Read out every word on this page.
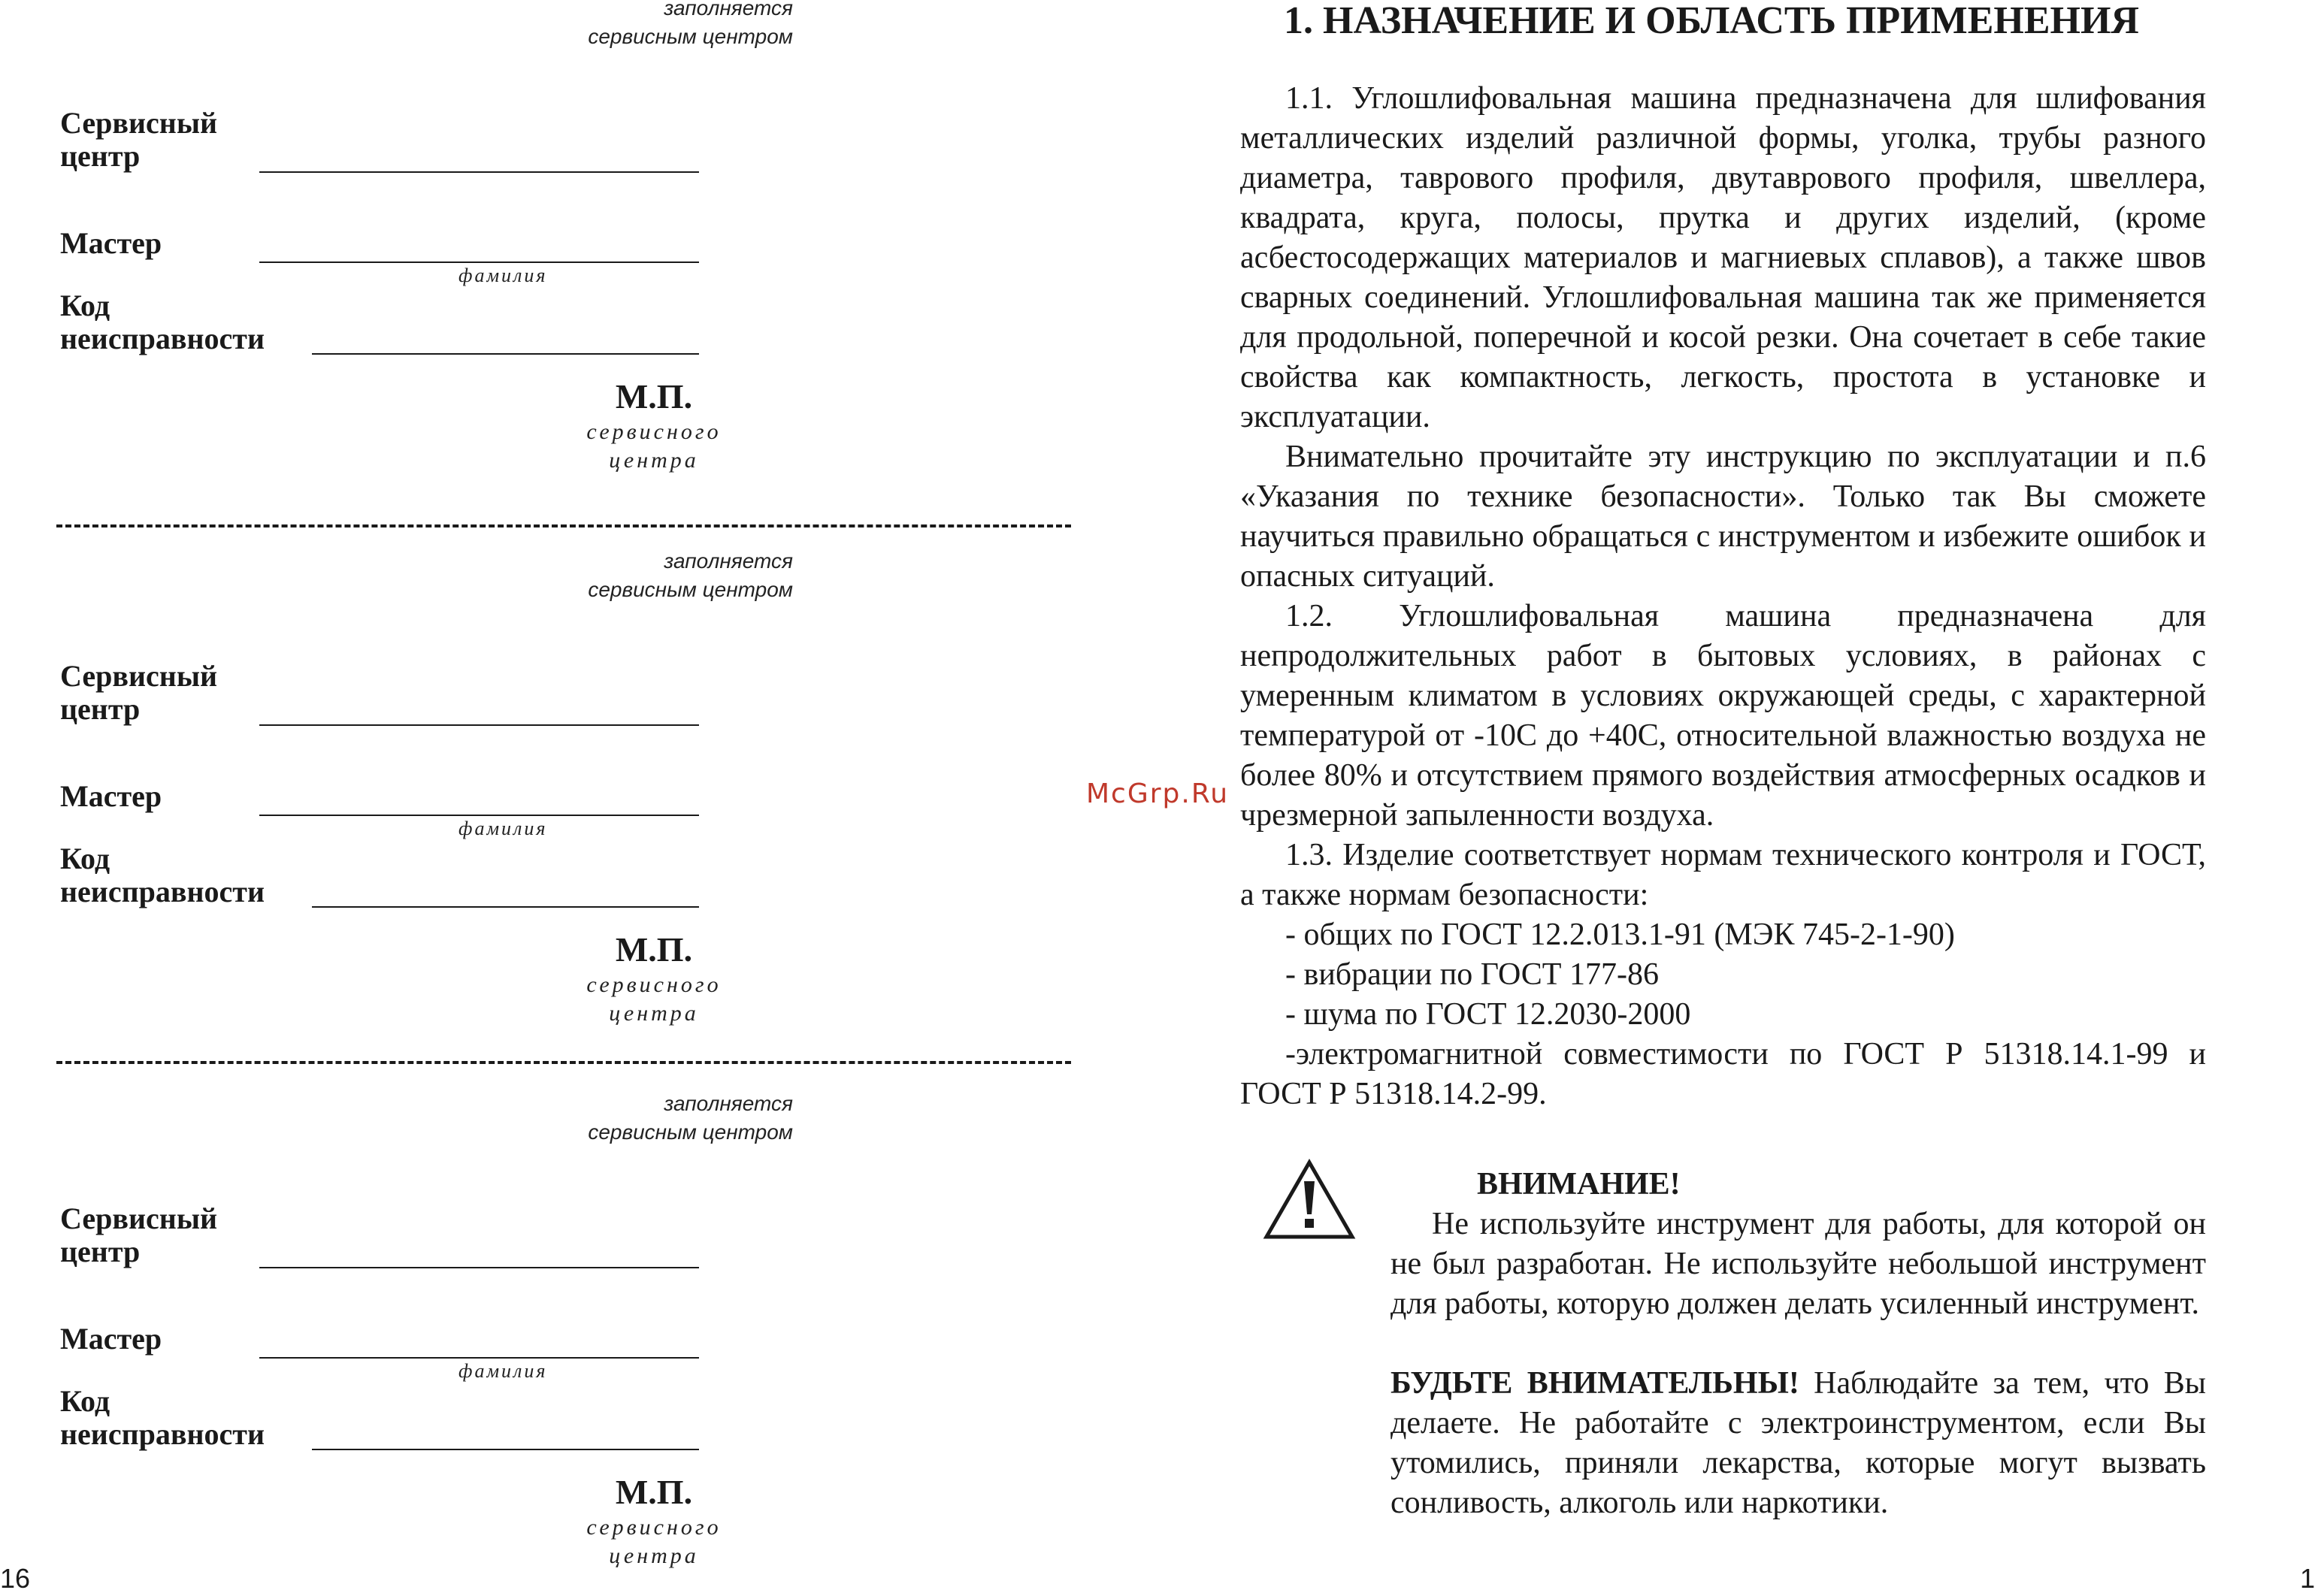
заполняется
сервисным центром
Сервисный
центр
Мастер
фамилия
Код
неисправности
М.П.
сервисного
центра
заполняется
сервисным центром
Сервисный
центр
Мастер
фамилия
Код
неисправности
М.П.
сервисного
центра
заполняется
сервисным центром
Сервисный
центр
Мастер
фамилия
Код
неисправности
М.П.
сервисного
центра
16
1. НАЗНАЧЕНИЕ И ОБЛАСТЬ ПРИМЕНЕНИЯ

1.1. Углошлифовальная машина предназначена для шлифования металлических изделий различной формы, уголка, трубы разного диаметра, таврового профиля, двутаврового профиля, швеллера, квадрата, круга, полосы, прутка и других изделий, (кроме асбестосодержащих материалов и магниевых сплавов), а также швов сварных соединений. Углошлифовальная машина так же применяется для продольной, поперечной и косой резки. Она сочетает в себе такие свойства как компактность, легкость, простота в установке и эксплуатации.

Внимательно прочитайте эту инструкцию по эксплуатации и п.6 «Указания по технике безопасности». Только так Вы сможете научиться правильно обращаться с инструментом и избежите ошибок и опасных ситуаций.

1.2. Углошлифовальная машина предназначена для непродолжительных работ в бытовых условиях, в районах с умеренным климатом в условиях окружающей среды, с характерной температурой от -10С до +40С, относительной влажностью воздуха не более 80% и отсутствием прямого воздействия атмосферных осадков и чрезмерной запыленности воздуха.

1.3. Изделие соответствует нормам технического контроля и ГОСТ, а также нормам безопасности:

- общих по ГОСТ 12.2.013.1-91 (МЭК 745-2-1-90)

- вибрации по ГОСТ 177-86

- шума по ГОСТ 12.2030-2000

-электромагнитной совместимости по ГОСТ Р 51318.14.1-99 и ГОСТ Р 51318.14.2-99.

ВНИМАНИЕ!

Не используйте инструмент для работы, для которой он не был разработан. Не используйте небольшой инструмент для работы, которую должен делать усиленный инструмент.

БУДЬТЕ ВНИМАТЕЛЬНЫ! Наблюдайте за тем, что Вы делаете. Не работайте с электроинструментом, если Вы утомились, приняли лекарства, которые могут вызвать сонливость, алкоголь или наркотики.

1
McGrp.Ru
